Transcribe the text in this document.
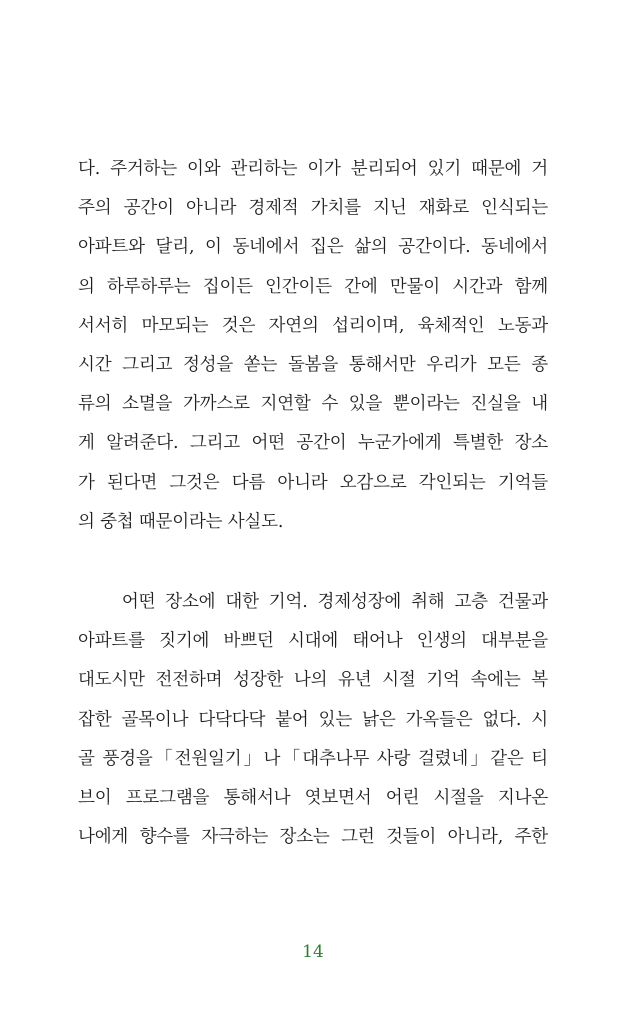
다. 주거하는 이와 관리하는 이가 분리되어 있기 때문에 거
주의 공간이 아니라 경제적 가치를 지닌 재화로 인식되는
아파트와 달리, 이 동네에서 집은 삶의 공간이다. 동네에서
의 하루하루는 집이든 인간이든 간에 만물이 시간과 함께
서서히 마모되는 것은 자연의 섭리이며, 육체적인 노동과
시간 그리고 정성을 쏟는 돌봄을 통해서만 우리가 모든 종
류의 소멸을 가까스로 지연할 수 있을 뿐이라는 진실을 내
게 알려준다. 그리고 어떤 공간이 누군가에게 특별한 장소
가 된다면 그것은 다름 아니라 오감으로 각인되는 기억들
의 중첩 때문이라는 사실도.
　　어떤 장소에 대한 기억. 경제성장에 취해 고층 건물과
아파트를 짓기에 바쁘던 시대에 태어나 인생의 대부분을
대도시만 전전하며 성장한 나의 유년 시절 기억 속에는 복
잡한 골목이나 다닥다닥 붙어 있는 낡은 가옥들은 없다. 시
골 풍경을「전원일기」나「대추나무 사랑 걸렸네」같은 티
브이 프로그램을 통해서나 엿보면서 어린 시절을 지나온
나에게 향수를 자극하는 장소는 그런 것들이 아니라, 주한
14
